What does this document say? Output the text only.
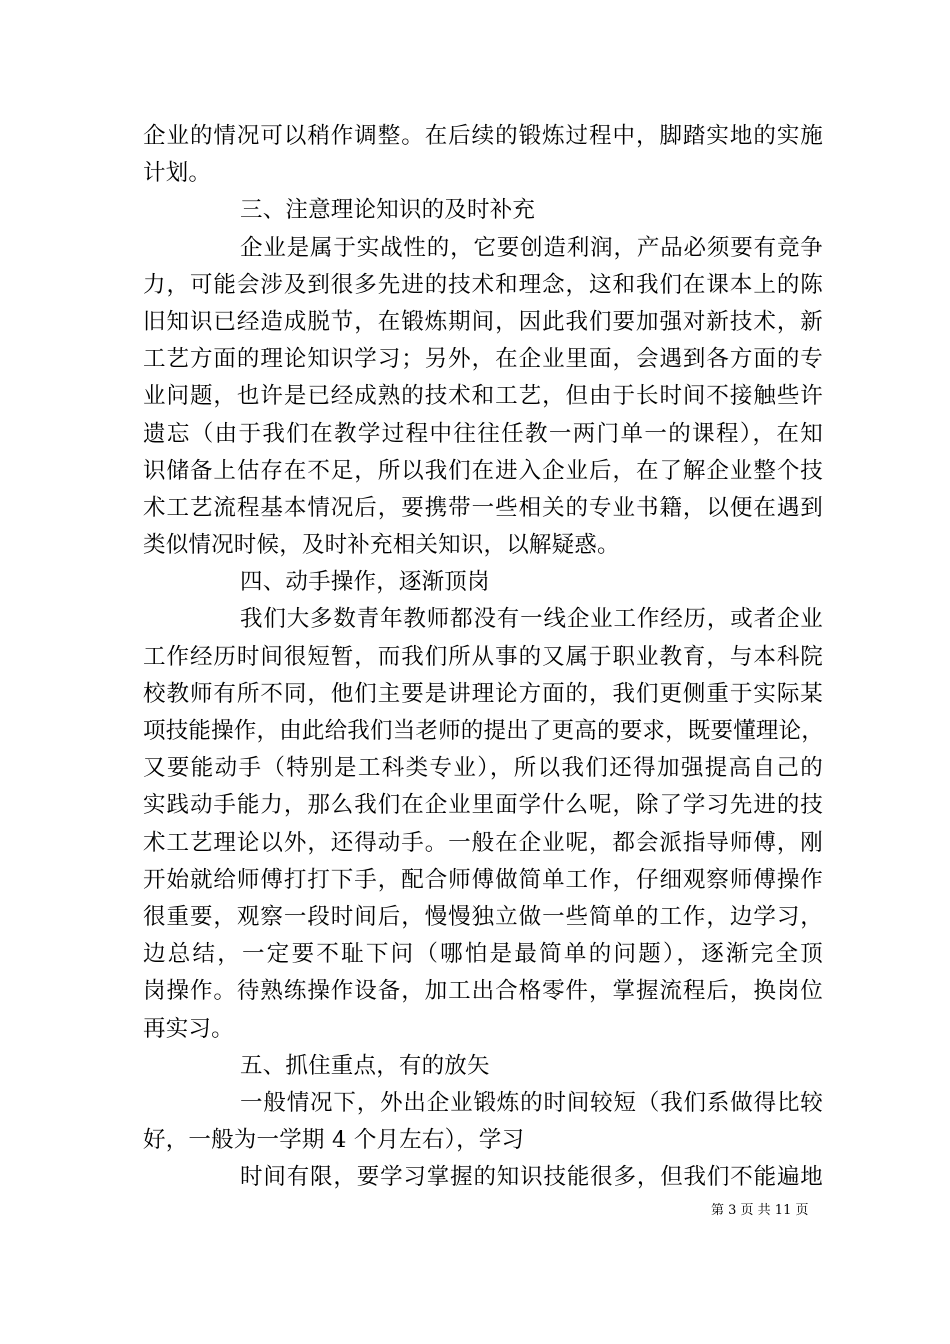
企业的情况可以稍作调整。在后续的锻炼过程中，脚踏实地的实施
计划。
三、注意理论知识的及时补充
企业是属于实战性的，它要创造利润，产品必须要有竞争
力，可能会涉及到很多先进的技术和理念，这和我们在课本上的陈
旧知识已经造成脱节，在锻炼期间，因此我们要加强对新技术，新
工艺方面的理论知识学习；另外，在企业里面，会遇到各方面的专
业问题，也许是已经成熟的技术和工艺，但由于长时间不接触些许
遗忘（由于我们在教学过程中往往任教一两门单一的课程），在知
识储备上估存在不足，所以我们在进入企业后，在了解企业整个技
术工艺流程基本情况后，要携带一些相关的专业书籍，以便在遇到
类似情况时候，及时补充相关知识，以解疑惑。
四、动手操作，逐渐顶岗
我们大多数青年教师都没有一线企业工作经历，或者企业
工作经历时间很短暂，而我们所从事的又属于职业教育，与本科院
校教师有所不同，他们主要是讲理论方面的，我们更侧重于实际某
项技能操作，由此给我们当老师的提出了更高的要求，既要懂理论，
又要能动手（特别是工科类专业），所以我们还得加强提高自己的
实践动手能力，那么我们在企业里面学什么呢，除了学习先进的技
术工艺理论以外，还得动手。一般在企业呢，都会派指导师傅，刚
开始就给师傅打打下手，配合师傅做简单工作，仔细观察师傅操作
很重要，观察一段时间后，慢慢独立做一些简单的工作，边学习，
边总结，一定要不耻下问（哪怕是最简单的问题），逐渐完全顶
岗操作。待熟练操作设备，加工出合格零件，掌握流程后，换岗位
再实习。
五、抓住重点，有的放矢
一般情况下，外出企业锻炼的时间较短（我们系做得比较
好，一般为一学期 4 个月左右），学习
时间有限，要学习掌握的知识技能很多，但我们不能遍地
第 3 页 共 11 页
